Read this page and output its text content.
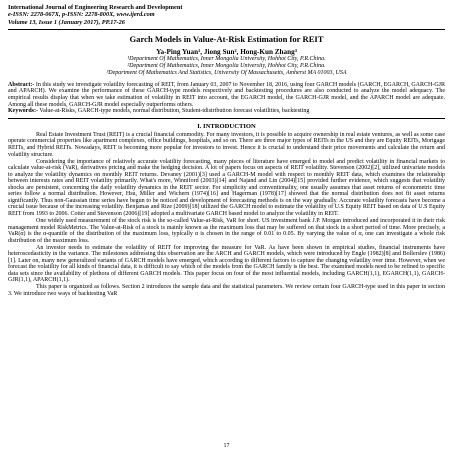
International Journal of Engineering Research and Development
e-ISSN: 2278-067X, p-ISSN: 2278-800X, www.ijerd.com
Volume 13, Issue 1 (January 2017), PP.17-26
Garch Models in Value-At-Risk Estimation for REIT
Ya-Ping Yuan¹, Jiong Sun², Hong-Kun Zhang³
¹Department Of Mathematics, Inner Mongolia University, Hohhot City, P.R.China.
²Department Of Mathematics, Inner Mongolia University, Hohhot City, P.R.China.
³Department Of Mathematics And Statistics, University Of Massachusetts, Amherst MA 01003, USA
Abstract:- In this study we investigate volatility forecasting of REIT, from January 03, 2007 to November 18, 2016, using four GARCH models (GARCH, EGARCH, GARCH-GJR and APARCH). We examine the performance of these GARCH-type models respectively and backtesting procedures are also conducted to analyze the model adequacy. The empirical results display that when we take estimation of volatility in REIT into account, the EGARCH model, the GARCH-GJR model, and the APARCH model are adequate. Among all these models, GARCH-GJR model especially outperforms others.
Keywords:- Value-at-Risks, GARCH-type models, normal distribution, Student-tdistribution forecast volatilities, backtesting
I. INTRODUCTION

Real Estate Investment Trust (REIT) is a crucial financial commodity. For many investors, it is possible to acquire ownership in real estate ventures, as well as some case operate commercial properties like apartment complexes, office buildings, hospitals, and so on. There are three major types of REITs in the US and they are Equity REITs, Mortgage REITs, and Hybrid REITs. Nowadays, REIT is becoming more popular for investors to invest. Hence it is crucial to understand their price movements and calculate the return and volatility structure.

Considering the importance of relatively accurate volatility forecasting, many pieces of literature have emerged to model and predict volatility in financial markets to calculate value-at-risk (VaR), derivatives pricing and make the hedging decision. A lot of papers focus on aspects of REIT volatility. Stevenson (2002)[2], utilized univariate models to analyze the volatility dynamics on monthly REIT returns. Devaney (2001)[3] used a GARCH-M model with respect to monthly REIT data, which examines the relationship between interests rates and REIT volatility primarily. What's more, Winniford (2003)[14] and Najand and Lin (2004)[15] provided further evidence, which suggests that volatility shocks are persistent, concerning the daily volatility dynamics in the REIT sector. For simplicity and conventionality, one usually assumes that asset returns of econometric time series follow a normal distribution. However, Hsu, Miller and Wichern (1974)[16] and Hagerman (1978)[17] showed that the normal distribution does not fit asset returns significantly. Thus non-Gaussian time series have begun to be noticed and development of forecasting methods is on the way gradually. Accurate volatility forecasts have become a crucial issue because of the increasing volatility. Benjamas and Rize (2009)[18] utilized the GARCH model to estimate the volatility of U.S Equity REIT based on data of U.S Equity REIT from 1993 to 2006. Cotter and Stevenson (2006)[19] adopted a multivariate GARCH based model to analyze the volatility in REIT.

One widely used measurement of the stock risk is the so-called Value-at-Risk, VaR for short. US investment bank J.P. Morgan introduced and incorporated it in their risk management model RiskMetrics. The Value-at-Risk of a stock is mainly known as the maximum loss that may be suffered on that stock in a short period of time. More precisely, a VaR(α) is the α-quantile of the distribution of the maximum loss, typically α is chosen in the range of 0.01 to 0.05. By varying the value of α, one can investigate a whole risk distribution of the maximum loss.

An investor needs to estimate the volatility of REIT for improving the measure for VaR. As have been shown in empirical studies, financial instruments have heteroscedasticity in the variance. The milestones addressing this observation are the ARCH and GARCH models, which were introduced by Engle (1982)[8] and Bollerslev (1986)[1]. Later on, many new generalized variants of GARCH models have emerged, which according to different factors to capture the changing volatility over time. However, when we forecast the volatility for all kinds of financial data, it is difficult to say which of the models from the GARCH family is the best. The examined models need to be refined to specific data sets since the availability of plethora of different GARCH models. This paper focus on four of the most influential models, including GARCH(1,1), EGARCH(1,1), GARCH-GJR(1,1), APARCH(1,1).

This paper is organized as follows. Section 2 introduces the sample data and the statistical parameters. We review certain four GARCH-type used in this paper in section 3. We introduce two ways of backtesting VaR

17
